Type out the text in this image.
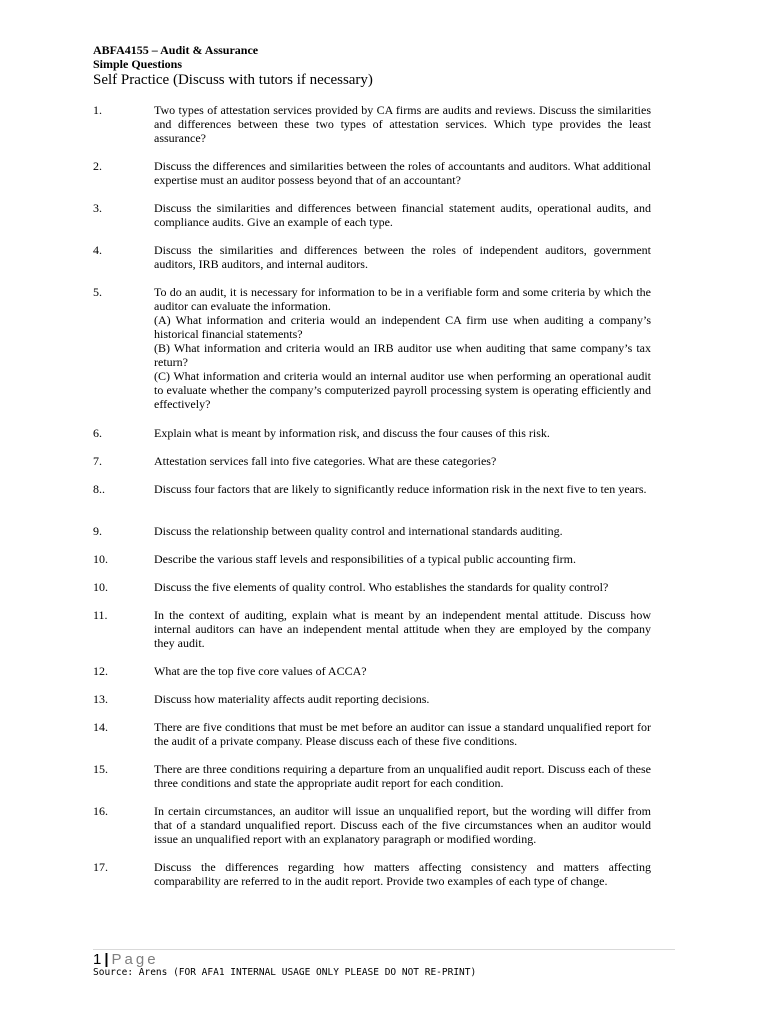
ABFA4155 – Audit & Assurance
Simple Questions
Self Practice (Discuss with tutors if necessary)
1.	Two types of attestation services provided by CA firms are audits and reviews. Discuss the similarities and differences between these two types of attestation services. Which type provides the least assurance?
2.	Discuss the differences and similarities between the roles of accountants and auditors. What additional expertise must an auditor possess beyond that of an accountant?
3.	Discuss the similarities and differences between financial statement audits, operational audits, and compliance audits. Give an example of each type.
4.	Discuss the similarities and differences between the roles of independent auditors, government auditors, IRB auditors, and internal auditors.
5.	To do an audit, it is necessary for information to be in a verifiable form and some criteria by which the auditor can evaluate the information.
(A) What information and criteria would an independent CA firm use when auditing a company’s historical financial statements?
(B) What information and criteria would an IRB auditor use when auditing that same company’s tax return?
(C) What information and criteria would an internal auditor use when performing an operational audit to evaluate whether the company’s computerized payroll processing system is operating efficiently and effectively?
6.	Explain what is meant by information risk, and discuss the four causes of this risk.
7.	Attestation services fall into five categories. What are these categories?
8..	Discuss four factors that are likely to significantly reduce information risk in the next five to ten years.
9.	Discuss the relationship between quality control and international standards auditing.
10.	Describe the various staff levels and responsibilities of a typical public accounting firm.
10.	Discuss the five elements of quality control. Who establishes the standards for quality control?
11.	In the context of auditing, explain what is meant by an independent mental attitude. Discuss how internal auditors can have an independent mental attitude when they are employed by the company they audit.
12.	What are the top five core values of ACCA?
13.	Discuss how materiality affects audit reporting decisions.
14.	There are five conditions that must be met before an auditor can issue a standard unqualified report for the audit of a private company. Please discuss each of these five conditions.
15.	There are three conditions requiring a departure from an unqualified audit report. Discuss each of these three conditions and state the appropriate audit report for each condition.
16.	In certain circumstances, an auditor will issue an unqualified report, but the wording will differ from that of a standard unqualified report. Discuss each of the five circumstances when an auditor would issue an unqualified report with an explanatory paragraph or modified wording.
17.	Discuss the differences regarding how matters affecting consistency and matters affecting comparability are referred to in the audit report. Provide two examples of each type of change.
1 | Page
Source: Arens (FOR AFA1 INTERNAL USAGE ONLY PLEASE DO NOT RE-PRINT)
